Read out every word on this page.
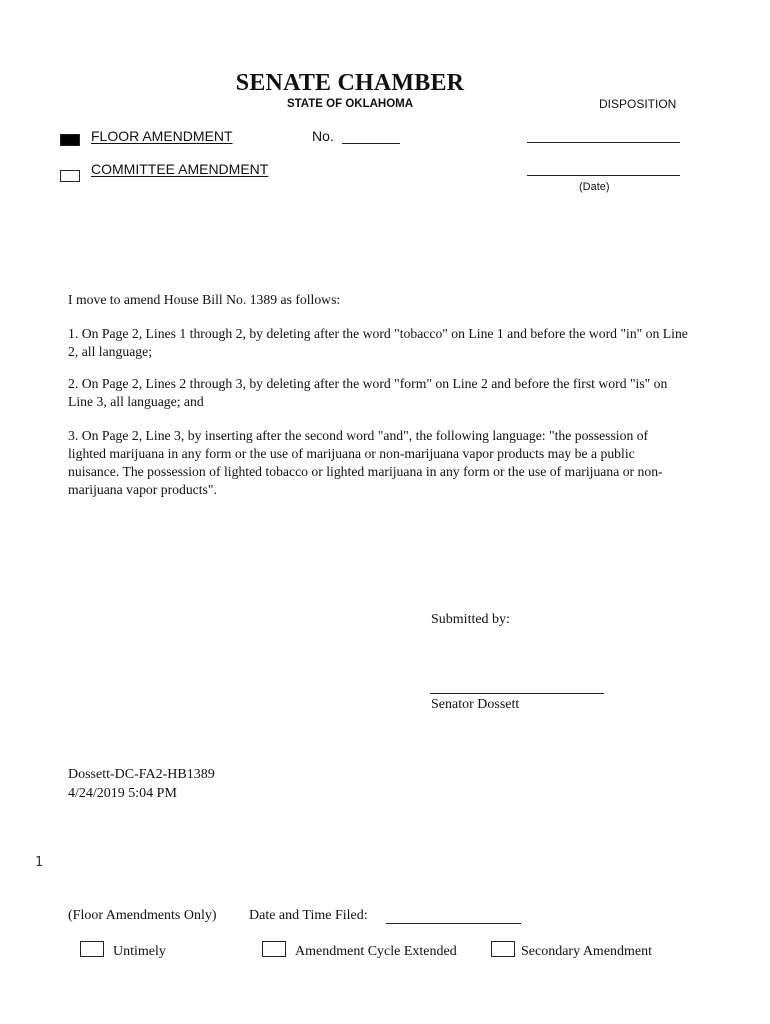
SENATE CHAMBER
STATE OF OKLAHOMA	DISPOSITION
FLOOR AMENDMENT
COMMITTEE AMENDMENT
No.
(Date)
I move to amend House Bill No. 1389 as follows:
1. On Page 2, Lines 1 through 2, by deleting after the word "tobacco" on Line 1 and before the word "in" on Line 2, all language;
2. On Page 2, Lines 2 through 3, by deleting after the word "form" on Line 2 and before the first word "is" on Line 3, all language; and
3. On Page 2, Line 3, by inserting after the second word "and", the following language: "the possession of lighted marijuana in any form or the use of marijuana or non-marijuana vapor products may be a public nuisance. The possession of lighted tobacco or lighted marijuana in any form or the use of marijuana or non-marijuana vapor products".
Submitted by:
Senator Dossett
Dossett-DC-FA2-HB1389
4/24/2019 5:04 PM
1
(Floor Amendments Only) Date and Time Filed:
Untimely	Amendment Cycle Extended	Secondary Amendment
